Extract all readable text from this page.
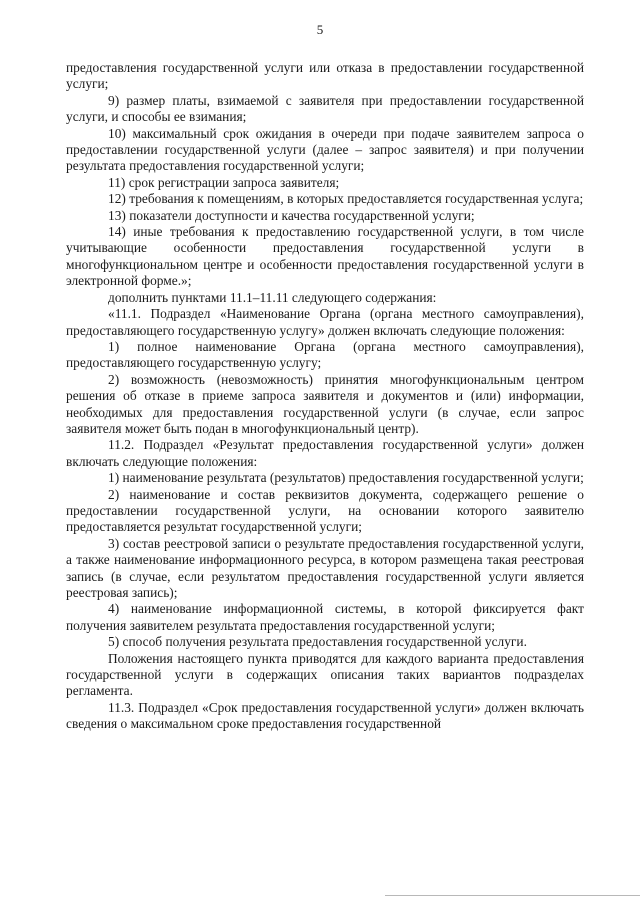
5

предоставления государственной услуги или отказа в предоставлении государственной услуги;

9) размер платы, взимаемой с заявителя при предоставлении государственной услуги, и способы ее взимания;

10) максимальный срок ожидания в очереди при подаче заявителем запроса о предоставлении государственной услуги (далее – запрос заявителя) и при получении результата предоставления государственной услуги;

11) срок регистрации запроса заявителя;

12) требования к помещениям, в которых предоставляется государственная услуга;

13) показатели доступности и качества государственной услуги;

14) иные требования к предоставлению государственной услуги, в том числе учитывающие особенности предоставления государственной услуги в многофункциональном центре и особенности предоставления государственной услуги в электронной форме.»;

дополнить пунктами 11.1–11.11 следующего содержания:

«11.1. Подраздел «Наименование Органа (органа местного самоуправления), предоставляющего государственную услугу» должен включать следующие положения:

1) полное наименование Органа (органа местного самоуправления), предоставляющего государственную услугу;

2) возможность (невозможность) принятия многофункциональным центром решения об отказе в приеме запроса заявителя и документов и (или) информации, необходимых для предоставления государственной услуги (в случае, если запрос заявителя может быть подан в многофункциональный центр).

11.2. Подраздел «Результат предоставления государственной услуги» должен включать следующие положения:

1) наименование результата (результатов) предоставления государственной услуги;

2) наименование и состав реквизитов документа, содержащего решение о предоставлении государственной услуги, на основании которого заявителю предоставляется результат государственной услуги;

3) состав реестровой записи о результате предоставления государственной услуги, а также наименование информационного ресурса, в котором размещена такая реестровая запись (в случае, если результатом предоставления государственной услуги является реестровая запись);

4) наименование информационной системы, в которой фиксируется факт получения заявителем результата предоставления государственной услуги;

5) способ получения результата предоставления государственной услуги.

Положения настоящего пункта приводятся для каждого варианта предоставления государственной услуги в содержащих описания таких вариантов подразделах регламента.

11.3. Подраздел «Срок предоставления государственной услуги» должен включать сведения о максимальном сроке предоставления государственной
